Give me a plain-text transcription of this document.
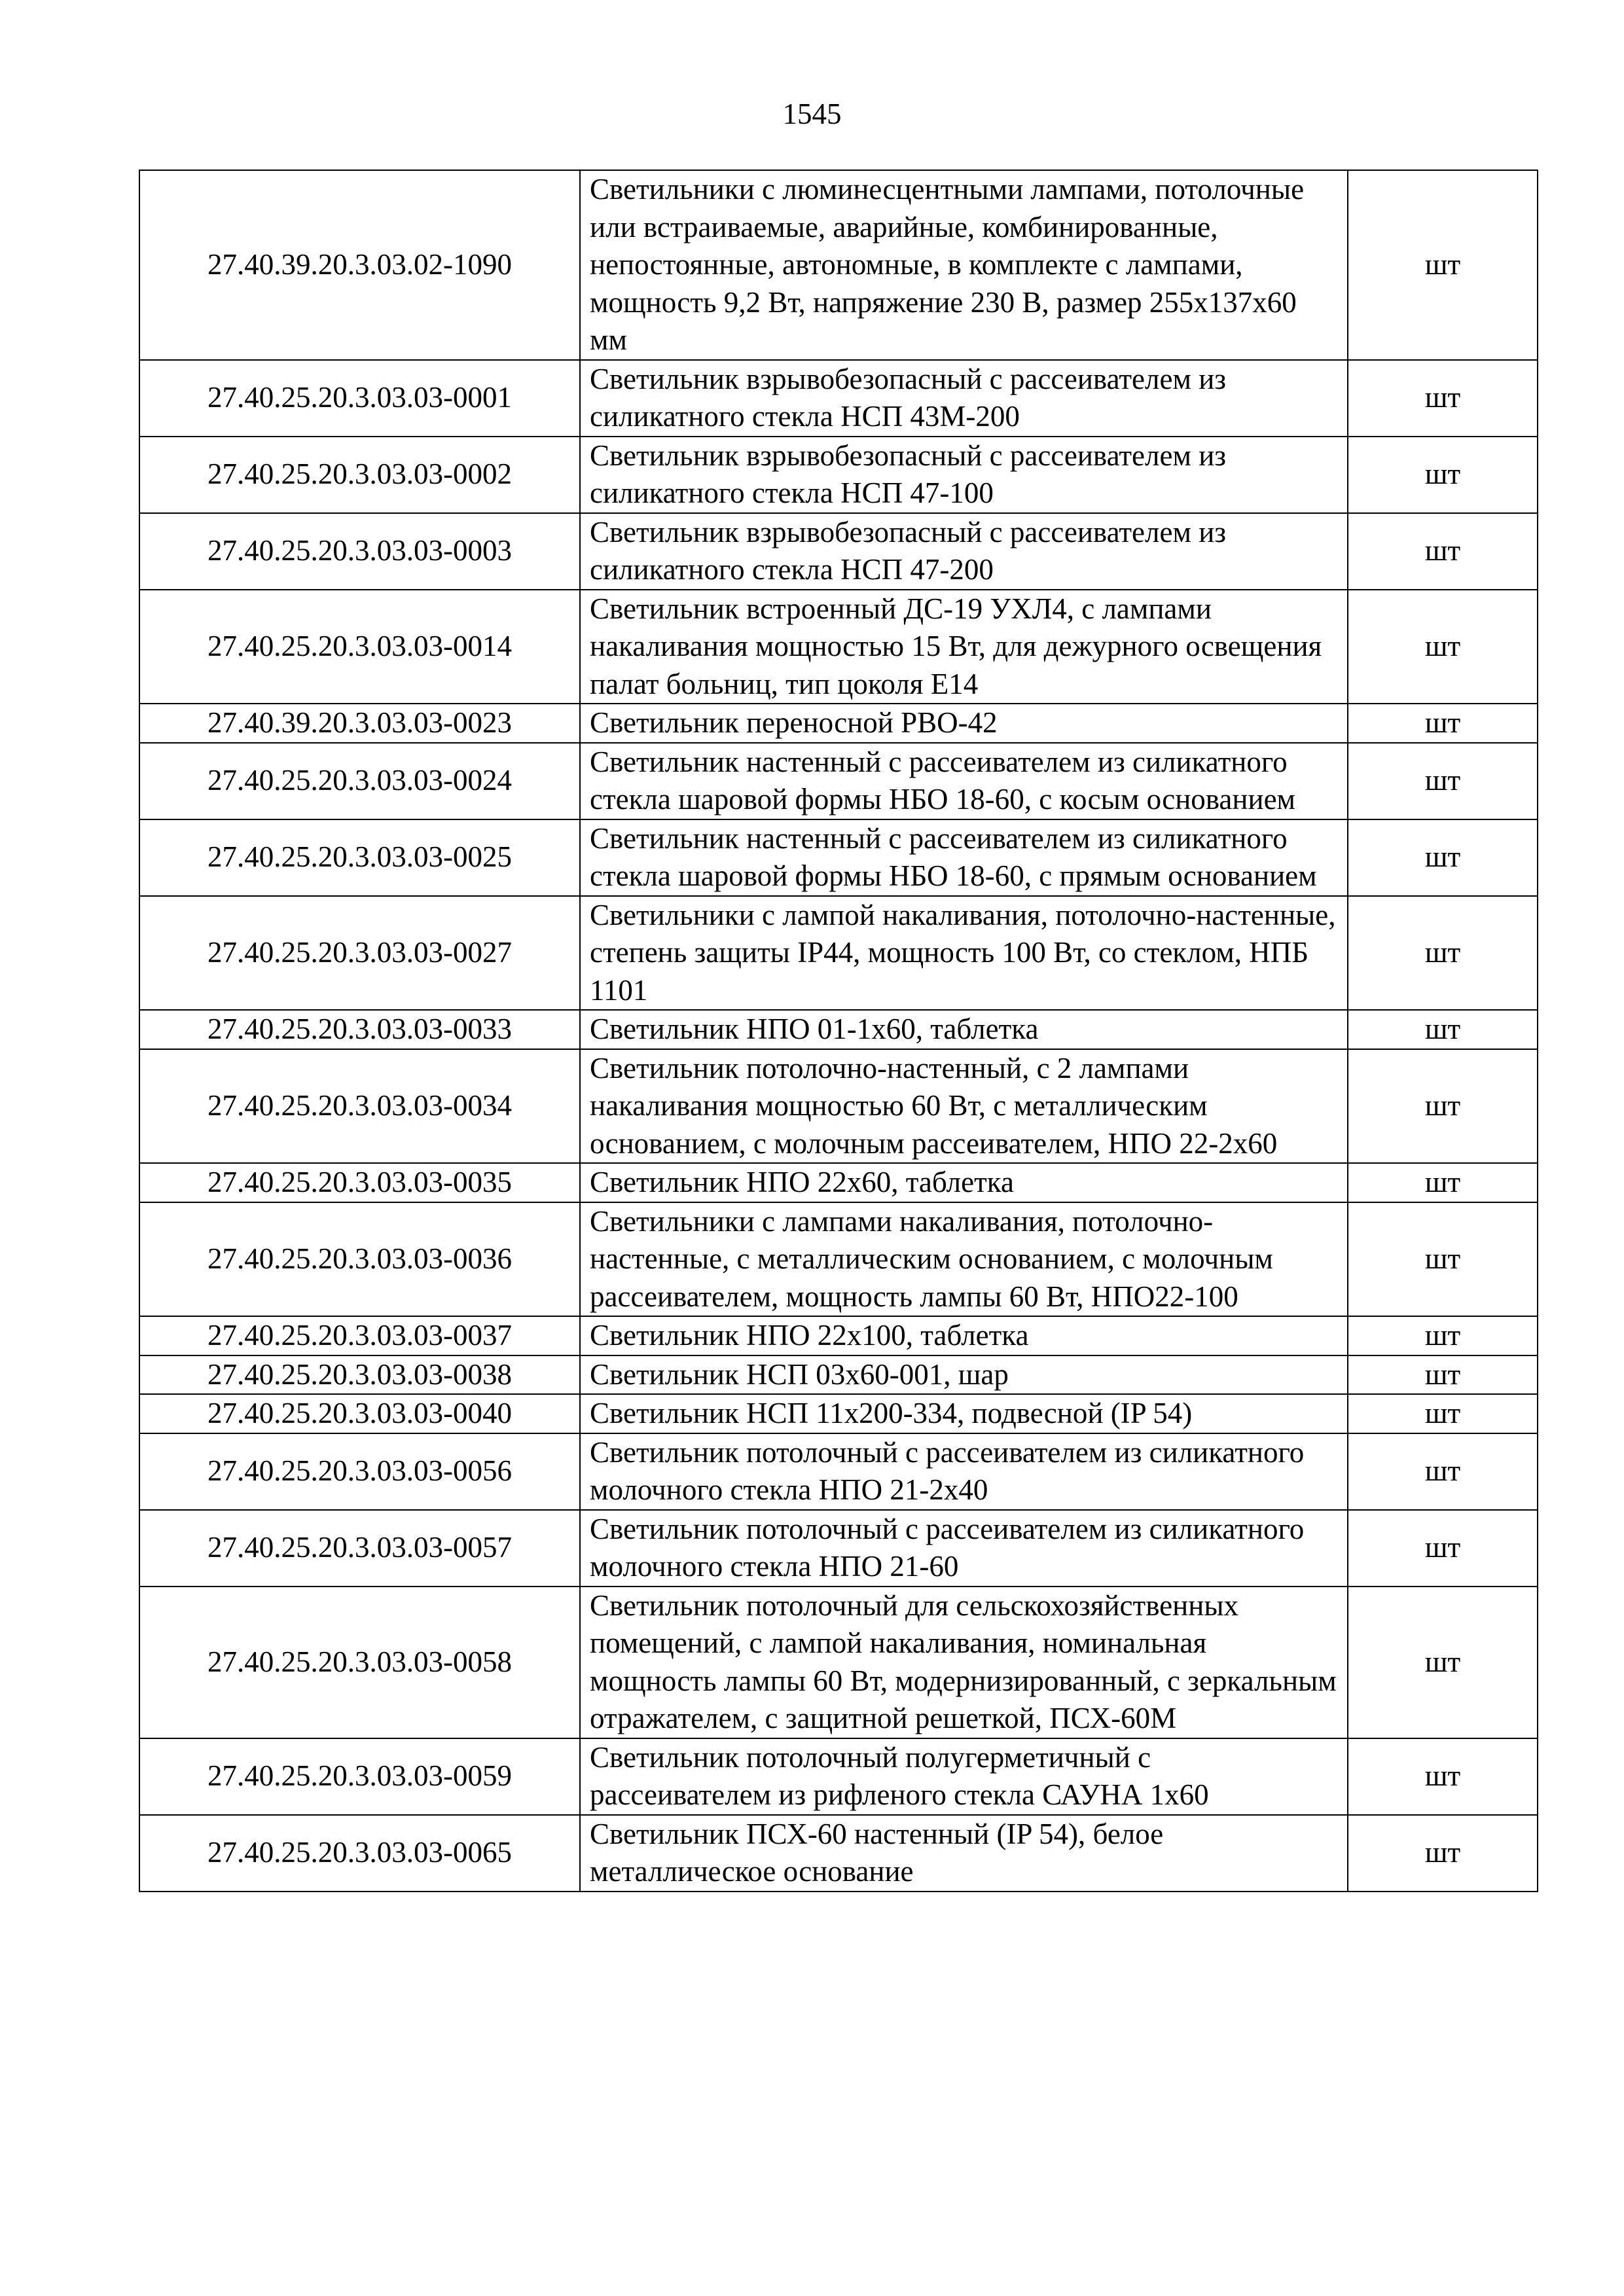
1545
27.40.39.20.3.03.02-1090	Светильники с люминесцентными лампами, потолочные или встраиваемые, аварийные, комбинированные, непостоянные, автономные, в комплекте с лампами, мощность 9,2 Вт, напряжение 230 В, размер 255х137х60 мм	шт
27.40.25.20.3.03.03-0001	Светильник взрывобезопасный с рассеивателем из силикатного стекла НСП 43М-200	шт
27.40.25.20.3.03.03-0002	Светильник взрывобезопасный с рассеивателем из силикатного стекла НСП 47-100	шт
27.40.25.20.3.03.03-0003	Светильник взрывобезопасный с рассеивателем из силикатного стекла НСП 47-200	шт
27.40.25.20.3.03.03-0014	Светильник встроенный ДС-19 УХЛ4, с лампами накаливания мощностью 15 Вт, для дежурного освещения палат больниц, тип цоколя Е14	шт
27.40.39.20.3.03.03-0023	Светильник переносной РВО-42	шт
27.40.25.20.3.03.03-0024	Светильник настенный с рассеивателем из силикатного стекла шаровой формы НБО 18-60, с косым основанием	шт
27.40.25.20.3.03.03-0025	Светильник настенный с рассеивателем из силикатного стекла шаровой формы НБО 18-60, с прямым основанием	шт
27.40.25.20.3.03.03-0027	Светильники с лампой накаливания, потолочно-настенные, степень защиты IP44, мощность 100 Вт, со стеклом, НПБ 1101	шт
27.40.25.20.3.03.03-0033	Светильник НПО 01-1х60, таблетка	шт
27.40.25.20.3.03.03-0034	Светильник потолочно-настенный, с 2 лампами накаливания мощностью 60 Вт, с металлическим основанием, с молочным рассеивателем, НПО 22-2х60	шт
27.40.25.20.3.03.03-0035	Светильник НПО 22х60, таблетка	шт
27.40.25.20.3.03.03-0036	Светильники с лампами накаливания, потолочно-настенные, с металлическим основанием, с молочным рассеивателем, мощность лампы 60 Вт, НПО22-100	шт
27.40.25.20.3.03.03-0037	Светильник НПО 22х100, таблетка	шт
27.40.25.20.3.03.03-0038	Светильник НСП 03х60-001, шар	шт
27.40.25.20.3.03.03-0040	Светильник НСП 11х200-334, подвесной (IP 54)	шт
27.40.25.20.3.03.03-0056	Светильник потолочный с рассеивателем из силикатного молочного стекла НПО 21-2х40	шт
27.40.25.20.3.03.03-0057	Светильник потолочный с рассеивателем из силикатного молочного стекла НПО 21-60	шт
27.40.25.20.3.03.03-0058	Светильник потолочный для сельскохозяйственных помещений, с лампой накаливания, номинальная мощность лампы 60 Вт, модернизированный, с зеркальным отражателем, с защитной решеткой, ПСХ-60М	шт
27.40.25.20.3.03.03-0059	Светильник потолочный полугерметичный с рассеивателем из рифленого стекла САУНА 1х60	шт
27.40.25.20.3.03.03-0065	Светильник ПСХ-60 настенный (IP 54), белое металлическое основание	шт
